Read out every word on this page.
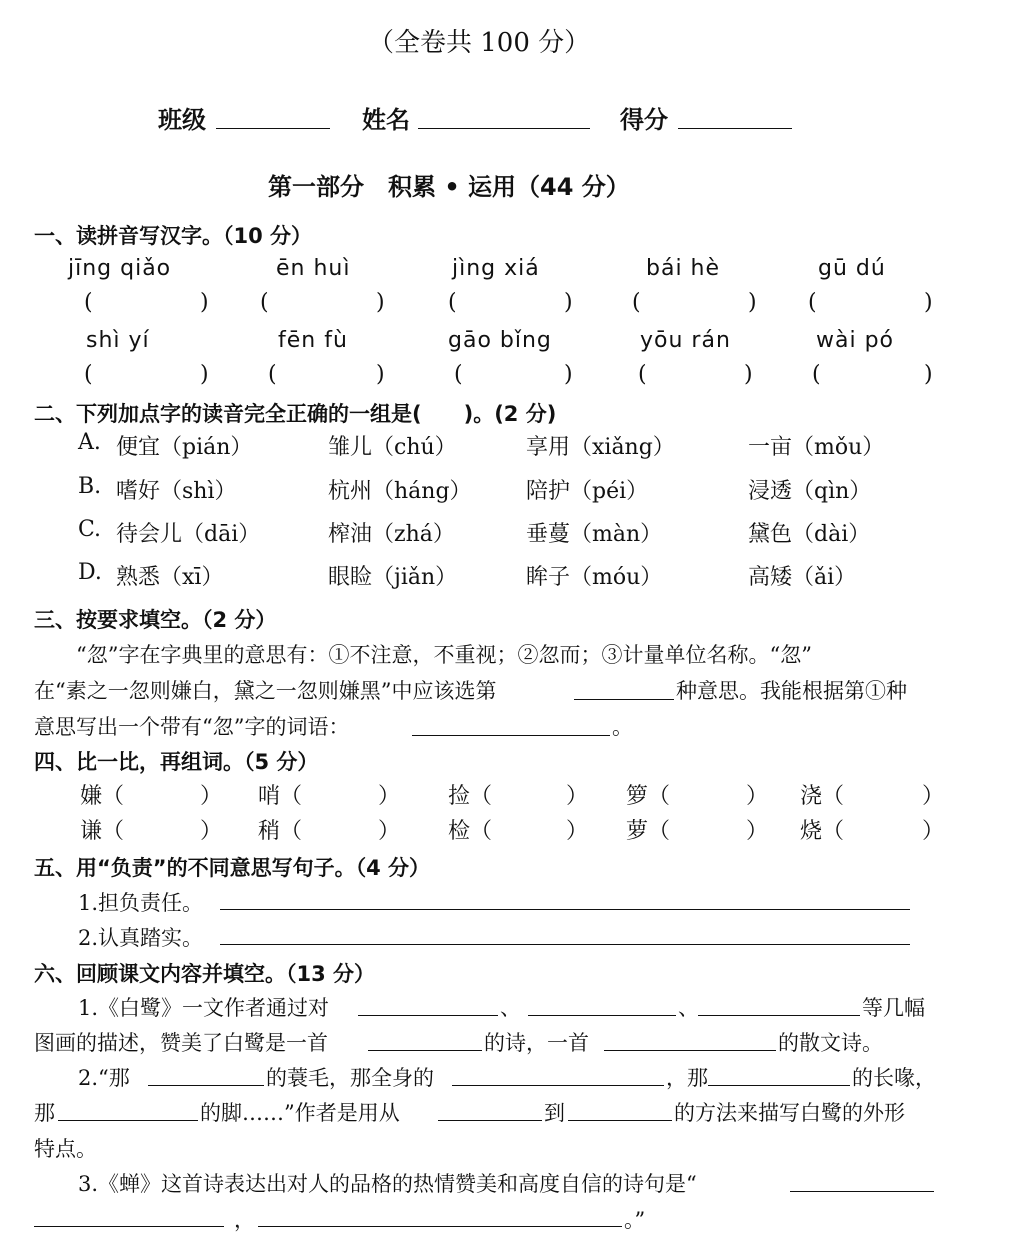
（全卷共 100 分）
班级	姓名	得分
第一部分　积累 • 运用（44 分）
一、读拼音写汉字。（10 分）
jīng qiǎo	ēn huì	jìng xiá	bái hè	gū dú
(	) (	)	(	)	(	) (	)
shì yí	fēn fù	gāo bǐng	yōu rán	wài pó
(	)	(	)	(	)	(	)	(	)
二、下列加点字的读音完全正确的一组是(　　)。(2 分)
A. 便宜（pián）	雏儿（chú）	享用（xiǎng）	一亩（mǒu）
B. 嗜好（shì）	杭州（háng） 陪护（péi）	浸透（qìn）
C. 待会儿（dāi）	榨油（zhá）	垂蔓（màn）	黛色（dài）
D. 熟悉（xī）	眼睑（jiǎn）	眸子（móu）	高矮（ǎi）
三、按要求填空。（2 分）
“忽”字在字典里的意思有：①不注意，不重视；②忽而；③计量单位名称。“忽”
在“素之一忽则嫌白，黛之一忽则嫌黑”中应该选第	种意思。我能根据第①种
意思写出一个带有“忽”字的词语：	。
四、比一比，再组词。（5 分）
嫌（	） 哨（	） 捡（	） 箩（	） 浇（	）
谦（	） 稍（	） 检（	） 萝（	） 烧（	）
五、用“负责”的不同意思写句子。（4 分）
1.担负责任。
2.认真踏实。
六、回顾课文内容并填空。（13 分）
1.《白鹭》一文作者通过对	、	、	等几幅
图画的描述，赞美了白鹭是一首	的诗，一首	的散文诗。
2.“那	的蓑毛，那全身的	，那	的长喙，
那	的脚……”作者是用从	到	的方法来描写白鹭的外形
特点。
3.《蝉》这首诗表达出对人的品格的热情赞美和高度自信的诗句是“
，	。”
